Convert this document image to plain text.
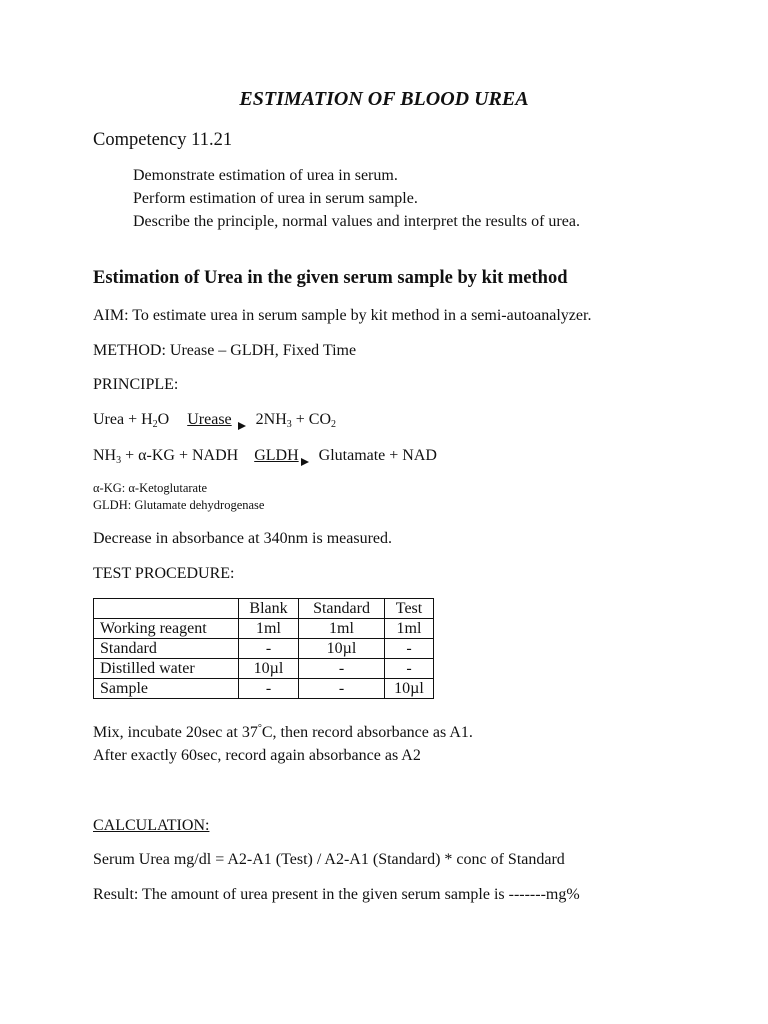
ESTIMATION OF BLOOD UREA
Competency 11.21
Demonstrate estimation of urea in serum.
Perform estimation of urea in serum sample.
Describe the principle, normal values and interpret the results of urea.
Estimation of Urea in the given serum sample by kit method
AIM: To estimate urea in serum sample by kit method in a semi-autoanalyzer.
METHOD: Urease – GLDH, Fixed Time
PRINCIPLE:
Urea + $H_2O$ Urease $2NH_3 + CO_2$
$NH_3 + \alpha-KG$ + NADH GLDH Glutamate + NAD
α-KG: α-Ketoglutarate
GLDH: Glutamate dehydrogenase
Decrease in absorbance at 340nm is measured.
TEST PROCEDURE:
	Blank	Standard	Test
Working reagent	1ml	1ml	1ml
Standard	-	10µl	-
Distilled water	10µl	-	-
Sample	-	-	10µl
Mix, incubate 20sec at 37°C, then record absorbance as A1.
After exactly 60sec, record again absorbance as A2
CALCULATION:
Serum Urea mg/dl = A2-A1 (Test) / A2-A1 (Standard) * conc of Standard
Result: The amount of urea present in the given serum sample is -------mg%
